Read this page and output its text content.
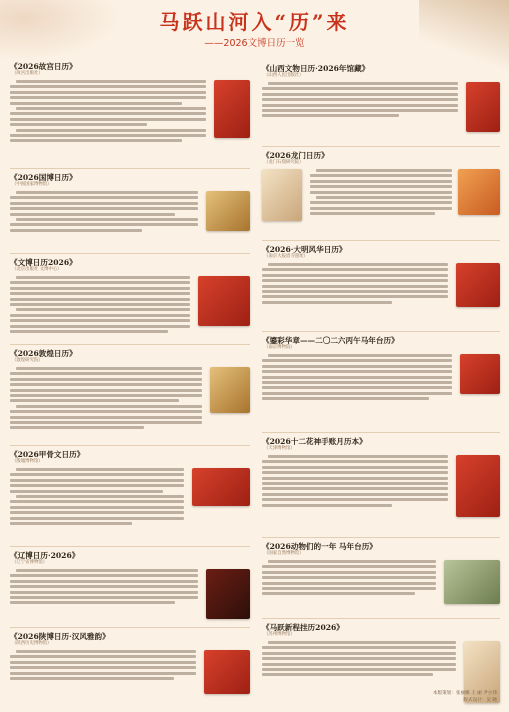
马跃山河入“历”来
——2026文博日历一览
《2026故宫日历》
（故宫出版社）
《2026国博日历》
（中国国家博物馆）
《文博日历2026》
（北京出版社 文博中心）
《2026敦煌日历》
（敦煌研究院）
《2026甲骨文日历》
（殷墟博物馆）
《辽博日历·2026》
（辽宁省博物馆）
《2026陕博日历·汉风雅韵》
（陕西历史博物馆）
《山西文物日历·2026年馆藏》
（山西人民出版社）
《2026龙门日历》
（龙门石窟研究院）
《2026·大明风华日历》
（南京大报恩寺遗址）
《鎏彩华章——二〇二六丙午马年台历》
（南京博物院）
《2026十二花神手账月历本》
（天津博物馆）
《2026动物们的一年 马年台历》
（国家自然博物馆）
《马跃新程挂历2026》
（苏州博物馆）
本版策划：张丽娜 王 丽 尹小伟
版式设计：吴 晓
